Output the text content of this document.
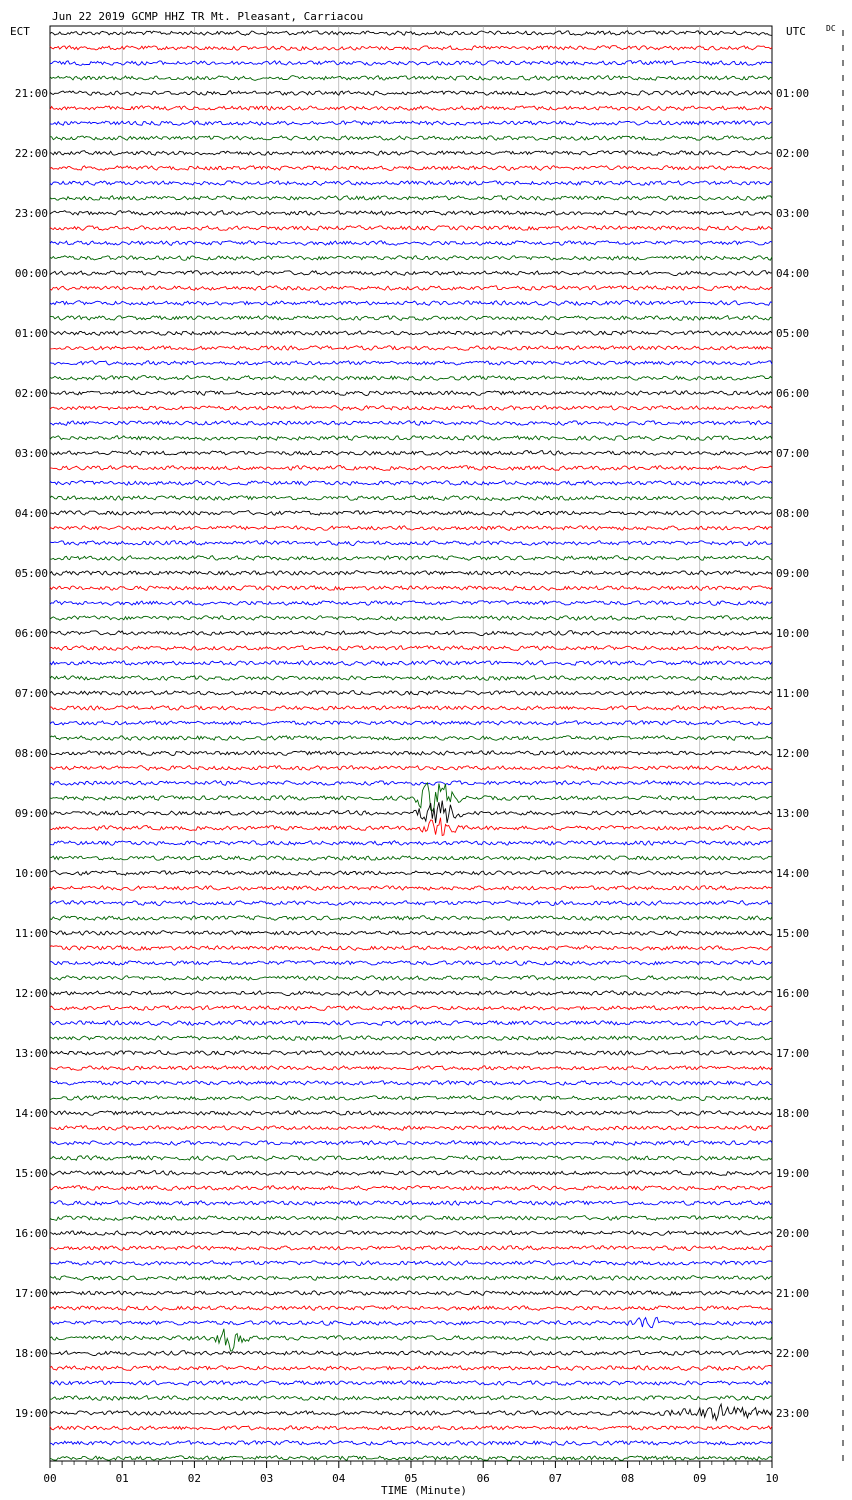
Jun 22 2019 GCMP HHZ TR Mt. Pleasant, Carriacou
ECT	UTC	DC
21:00
22:00
23:00
00:00
01:00
02:00
03:00
04:00
05:00
06:00
07:00
08:00
09:00
10:00
11:00
12:00
13:00
14:00
15:00
16:00
17:00
18:00
19:00
01:00
02:00
03:00
04:00
05:00
06:00
07:00
08:00
09:00
10:00
11:00
12:00
13:00
14:00
15:00
16:00
17:00
18:00
19:00
20:00
21:00
22:00
23:00
00	01	02	03	04	05	06	07	08	09	10
TIME (Minute)
